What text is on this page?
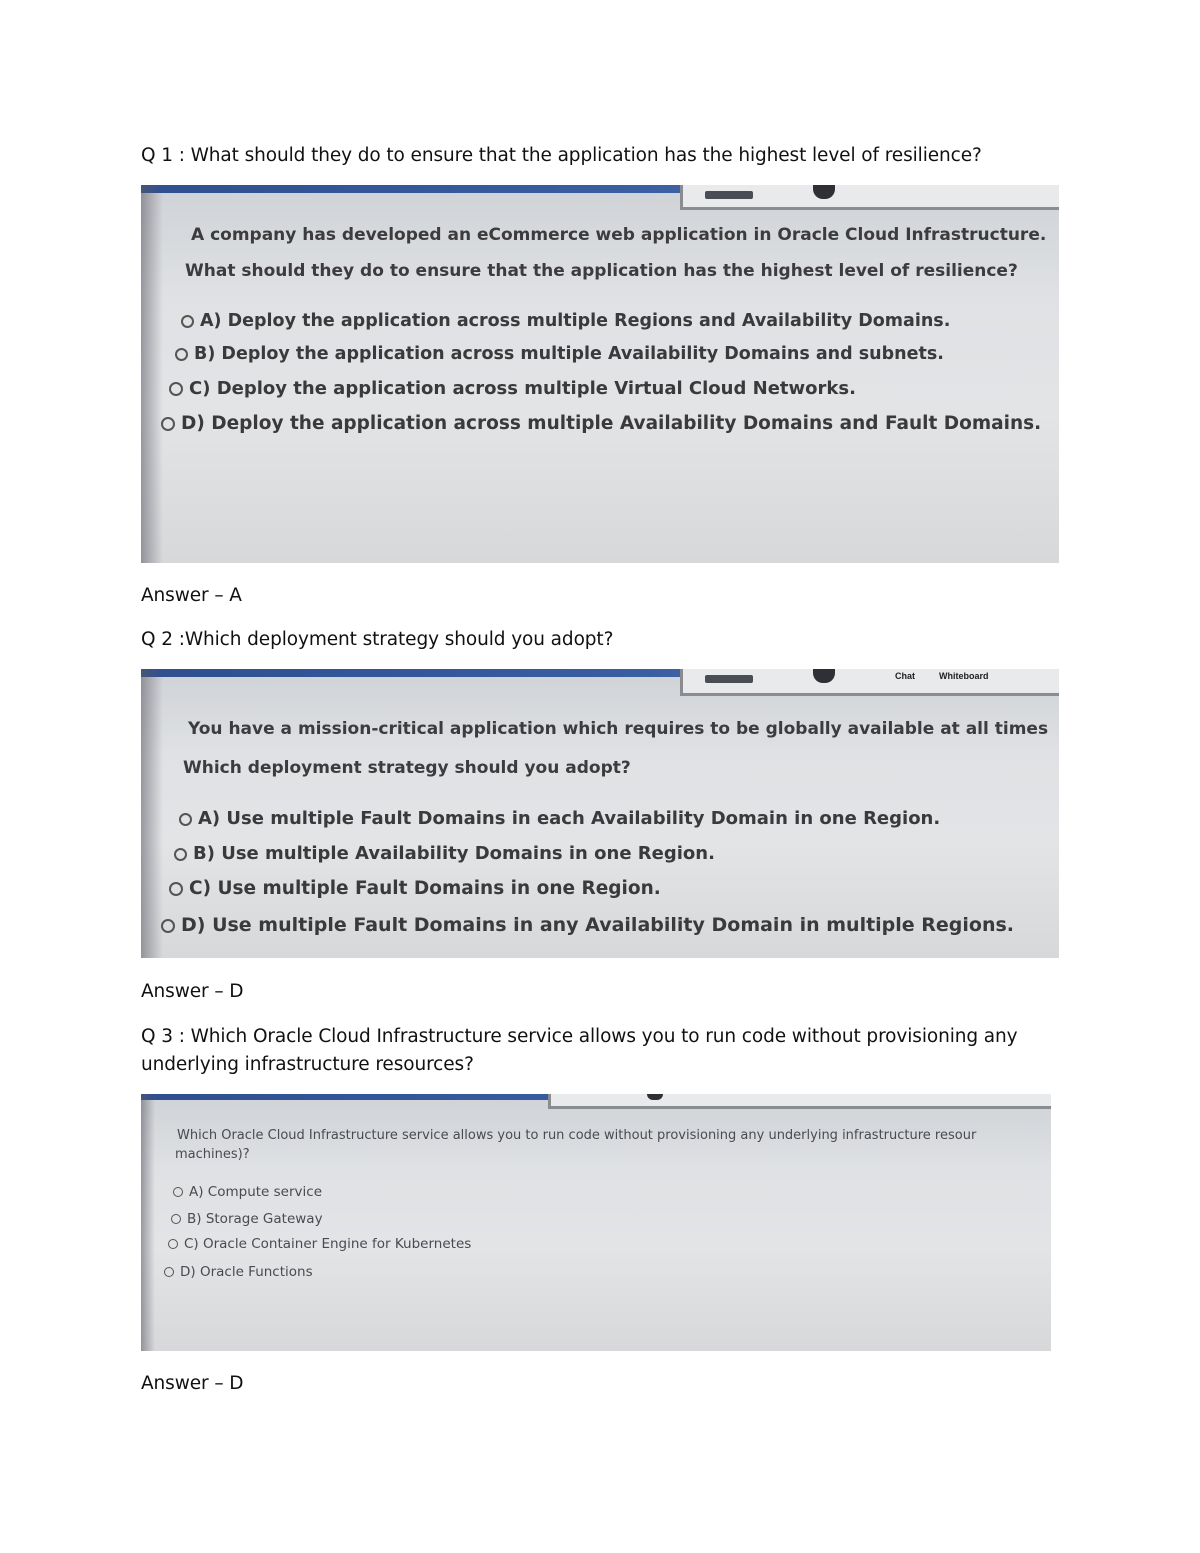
Q 1 : What should they do to ensure that the application has the highest level of resilience?
A company has developed an eCommerce web application in Oracle Cloud Infrastructure.
What should they do to ensure that the application has the highest level of resilience?
A) Deploy the application across multiple Regions and Availability Domains.
B) Deploy the application across multiple Availability Domains and subnets.
C) Deploy the application across multiple Virtual Cloud Networks.
D) Deploy the application across multiple Availability Domains and Fault Domains.
Answer – A
Q 2 :Which deployment strategy should you adopt?
Chat	Whiteboard
You have a mission-critical application which requires to be globally available at all times
Which deployment strategy should you adopt?
A) Use multiple Fault Domains in each Availability Domain in one Region.
B) Use multiple Availability Domains in one Region.
C) Use multiple Fault Domains in one Region.
D) Use multiple Fault Domains in any Availability Domain in multiple Regions.
Answer – D
Q 3 : Which Oracle Cloud Infrastructure service allows you to run code without provisioning any
underlying infrastructure resources?
Which Oracle Cloud Infrastructure service allows you to run code without provisioning any underlying infrastructure resour
machines)?
A) Compute service
B) Storage Gateway
C) Oracle Container Engine for Kubernetes
D) Oracle Functions
Answer – D
